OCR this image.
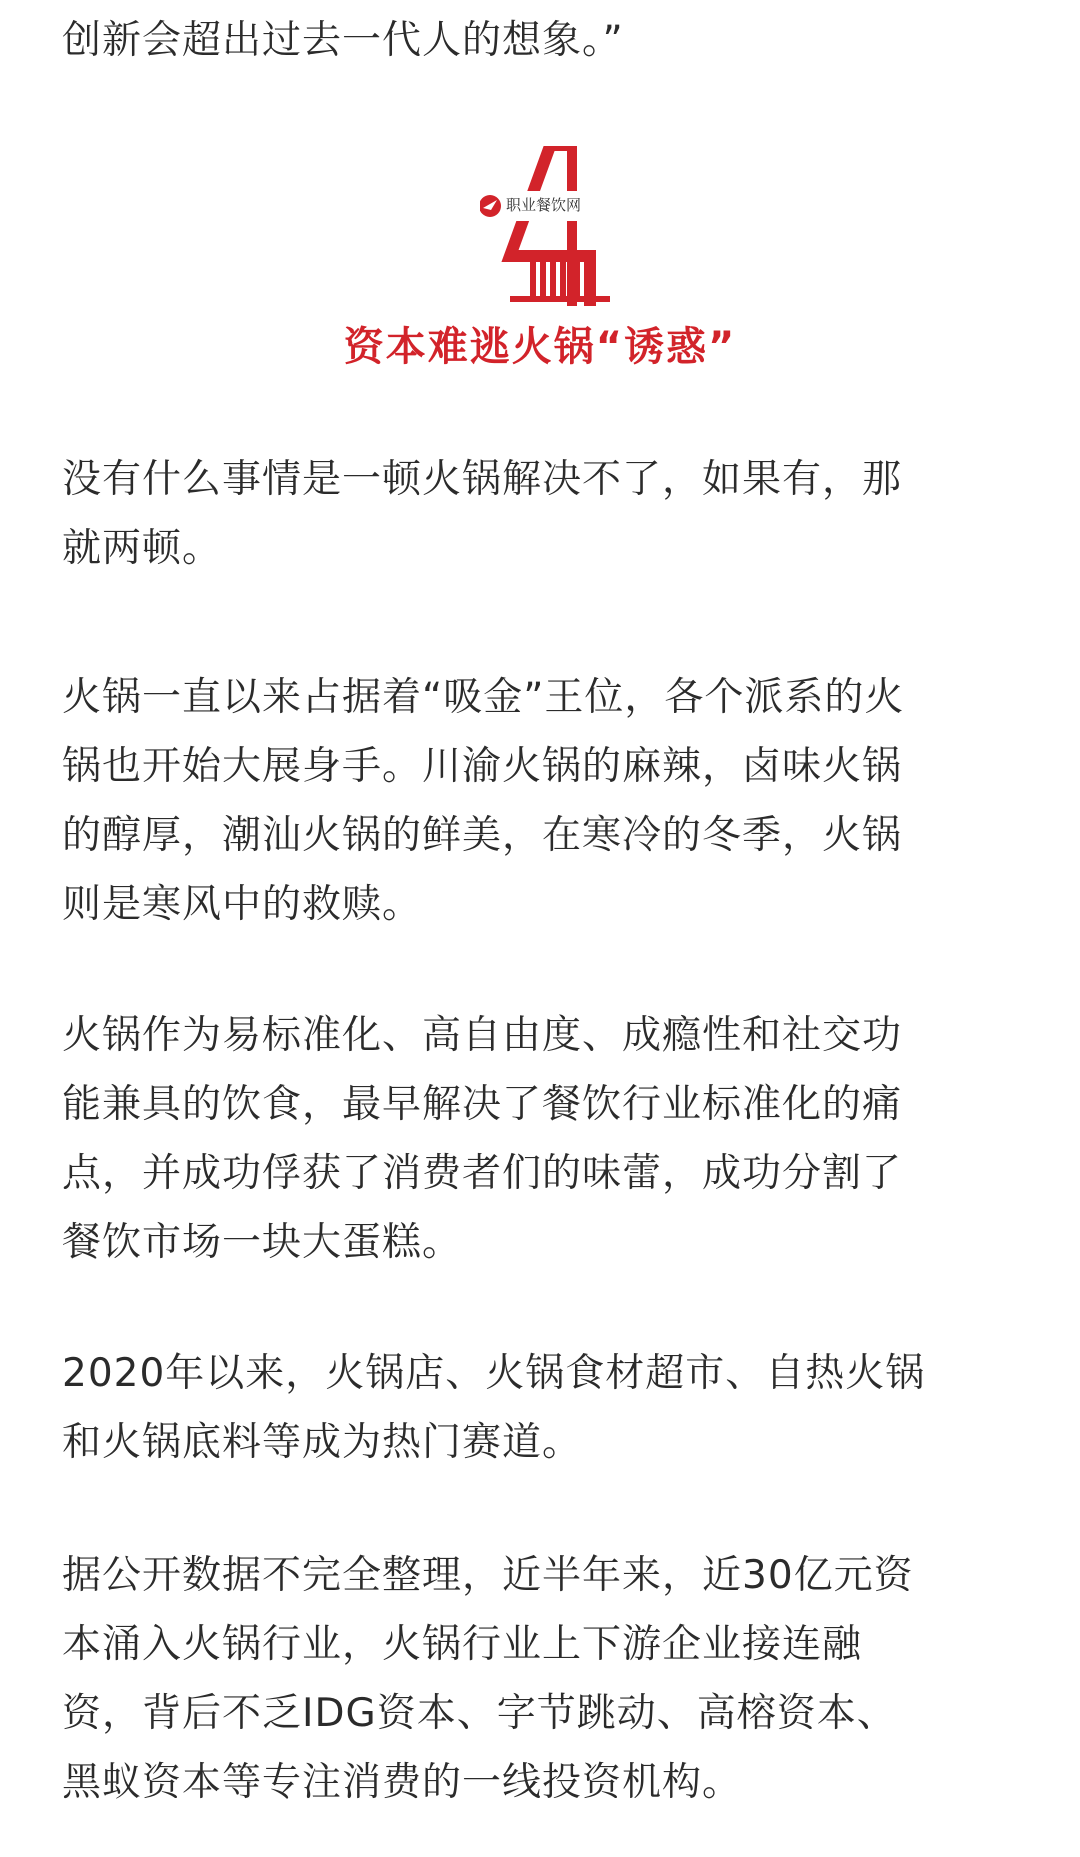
创新会超出过去一代人的想象。”

职业餐饮网
资本难逃火锅“诱惑”

没有什么事情是一顿火锅解决不了，如果有，那
就两顿。

火锅一直以来占据着“吸金”王位，各个派系的火
锅也开始大展身手。川渝火锅的麻辣，卤味火锅
的醇厚，潮汕火锅的鲜美，在寒冷的冬季，火锅
则是寒风中的救赎。

火锅作为易标准化、高自由度、成瘾性和社交功
能兼具的饮食，最早解决了餐饮行业标准化的痛
点，并成功俘获了消费者们的味蕾，成功分割了
餐饮市场一块大蛋糕。

2020年以来，火锅店、火锅食材超市、自热火锅
和火锅底料等成为热门赛道。

据公开数据不完全整理，近半年来，近30亿元资
本涌入火锅行业，火锅行业上下游企业接连融
资，背后不乏IDG资本、字节跳动、高榕资本、
黑蚁资本等专注消费的一线投资机构。
